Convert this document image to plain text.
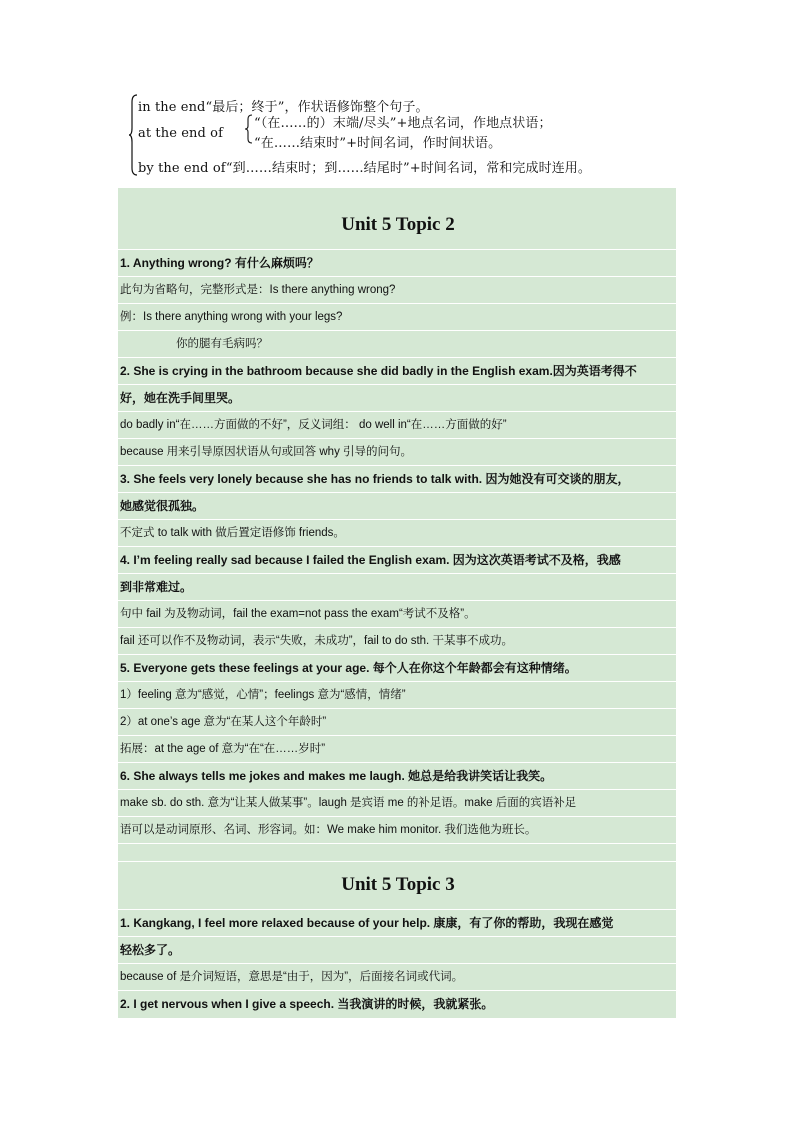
in the end“最后；终于”，作状语修饰整个句子。
at the end of
“（在……的）末端/尽头”+地点名词，作地点状语；
“在……结束时”+时间名词，作时间状语。
by the end of“到……结束时；到……结尾时”+时间名词，常和完成时连用。
Unit 5 Topic 2
1. Anything wrong? 有什么麻烦吗？
此句为省略句，完整形式是：Is there anything wrong?
例：Is there anything wrong with your legs?
你的腿有毛病吗？
2. She is crying in the bathroom because she did badly in the English exam.因为英语考得不
好，她在洗手间里哭。
do badly in“在……方面做的不好”，反义词组： do well in“在……方面做的好”
because 用来引导原因状语从句或回答 why 引导的问句。
3. She feels very lonely because she has no friends to talk with. 因为她没有可交谈的朋友，
她感觉很孤独。
不定式 to talk with 做后置定语修饰 friends。
4. I’m feeling really sad because I failed the English exam. 因为这次英语考试不及格，我感
到非常难过。
句中 fail 为及物动词，fail the exam=not pass the exam“考试不及格”。
fail 还可以作不及物动词，表示“失败，未成功”，fail to do sth. 干某事不成功。
5. Everyone gets these feelings at your age. 每个人在你这个年龄都会有这种情绪。
1）feeling 意为“感觉，心情”；feelings 意为“感情，情绪”
2）at one’s age 意为“在某人这个年龄时”
拓展：at the age of 意为“在“在……岁时”
6. She always tells me jokes and makes me laugh. 她总是给我讲笑话让我笑。
make sb. do sth. 意为“让某人做某事”。laugh 是宾语 me 的补足语。make 后面的宾语补足
语可以是动词原形、名词、形容词。如：We make him monitor. 我们选他为班长。
Unit 5 Topic 3
1. Kangkang, I feel more relaxed because of your help. 康康，有了你的帮助，我现在感觉
轻松多了。
because of 是介词短语，意思是“由于，因为”，后面接名词或代词。
2. I get nervous when I give a speech. 当我演讲的时候，我就紧张。
